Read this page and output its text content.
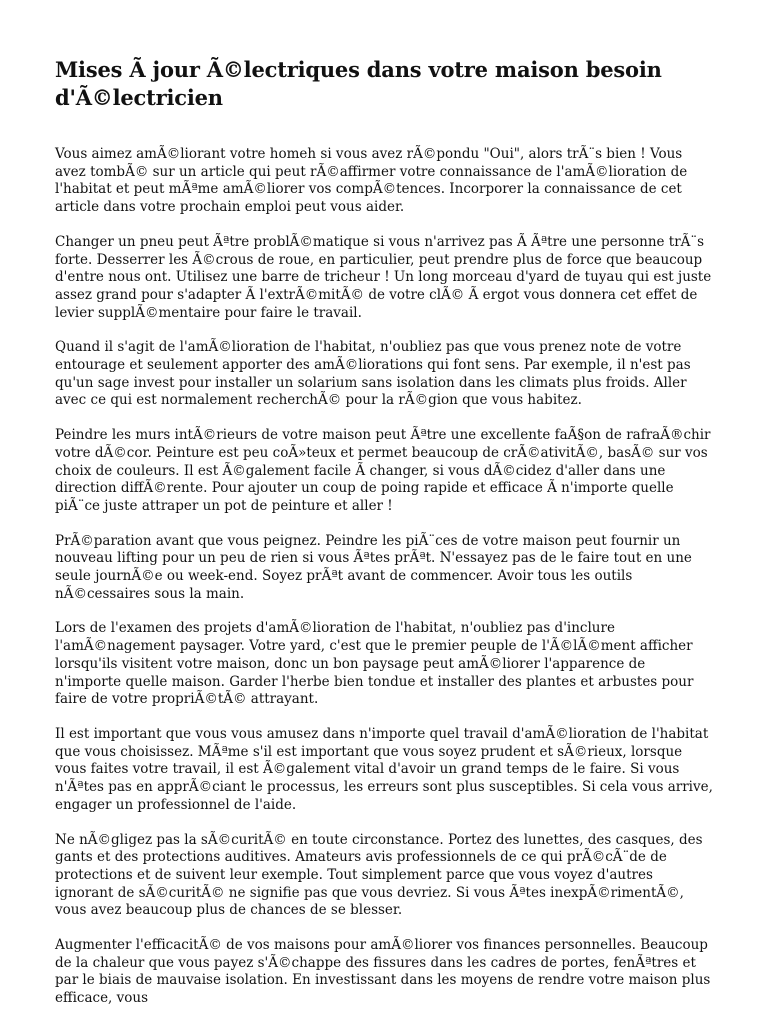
Mises Ã jour Ã©lectriques dans votre maison besoin d'Ã©lectricien

Vous aimez amÃ©liorant votre homeh si vous avez rÃ©pondu "Oui", alors trÃ¨s bien ! Vous avez tombÃ© sur un article qui peut rÃ©affirmer votre connaissance de l'amÃ©lioration de l'habitat et peut mÃªme amÃ©liorer vos compÃ©tences. Incorporer la connaissance de cet article dans votre prochain emploi peut vous aider.

Changer un pneu peut Ãªtre problÃ©matique si vous n'arrivez pas Ã Ãªtre une personne trÃ¨s forte. Desserrer les Ã©crous de roue, en particulier, peut prendre plus de force que beaucoup d'entre nous ont. Utilisez une barre de tricheur ! Un long morceau d'yard de tuyau qui est juste assez grand pour s'adapter Ã l'extrÃ©mitÃ© de votre clÃ© Ã ergot vous donnera cet effet de levier supplÃ©mentaire pour faire le travail.

Quand il s'agit de l'amÃ©lioration de l'habitat, n'oubliez pas que vous prenez note de votre entourage et seulement apporter des amÃ©liorations qui font sens. Par exemple, il n'est pas qu'un sage invest pour installer un solarium sans isolation dans les climats plus froids. Aller avec ce qui est normalement recherchÃ© pour la rÃ©gion que vous habitez.

Peindre les murs intÃ©rieurs de votre maison peut Ãªtre une excellente faÃ§on de rafraÃ®chir votre dÃ©cor. Peinture est peu coÃ»teux et permet beaucoup de crÃ©ativitÃ©, basÃ© sur vos choix de couleurs. Il est Ã©galement facile Ã changer, si vous dÃ©cidez d'aller dans une direction diffÃ©rente. Pour ajouter un coup de poing rapide et efficace Ã n'importe quelle piÃ¨ce juste attraper un pot de peinture et aller !

PrÃ©paration avant que vous peignez. Peindre les piÃ¨ces de votre maison peut fournir un nouveau lifting pour un peu de rien si vous Ãªtes prÃªt. N'essayez pas de le faire tout en une seule journÃ©e ou week-end. Soyez prÃªt avant de commencer. Avoir tous les outils nÃ©cessaires sous la main.

Lors de l'examen des projets d'amÃ©lioration de l'habitat, n'oubliez pas d'inclure l'amÃ©nagement paysager. Votre yard, c'est que le premier peuple de l'Ã©lÃ©ment afficher lorsqu'ils visitent votre maison, donc un bon paysage peut amÃ©liorer l'apparence de n'importe quelle maison. Garder l'herbe bien tondue et installer des plantes et arbustes pour faire de votre propriÃ©tÃ© attrayant.

Il est important que vous vous amusez dans n'importe quel travail d'amÃ©lioration de l'habitat que vous choisissez. MÃªme s'il est important que vous soyez prudent et sÃ©rieux, lorsque vous faites votre travail, il est Ã©galement vital d'avoir un grand temps de le faire. Si vous n'Ãªtes pas en apprÃ©ciant le processus, les erreurs sont plus susceptibles. Si cela vous arrive, engager un professionnel de l'aide.

Ne nÃ©gligez pas la sÃ©curitÃ© en toute circonstance. Portez des lunettes, des casques, des gants et des protections auditives. Amateurs avis professionnels de ce qui prÃ©cÃ¨de de protections et de suivent leur exemple. Tout simplement parce que vous voyez d'autres ignorant de sÃ©curitÃ© ne signifie pas que vous devriez. Si vous Ãªtes inexpÃ©rimentÃ©, vous avez beaucoup plus de chances de se blesser.

Augmenter l'efficacitÃ© de vos maisons pour amÃ©liorer vos finances personnelles. Beaucoup de la chaleur que vous payez s'Ã©chappe des fissures dans les cadres de portes, fenÃªtres et par le biais de mauvaise isolation. En investissant dans les moyens de rendre votre maison plus efficace, vous
